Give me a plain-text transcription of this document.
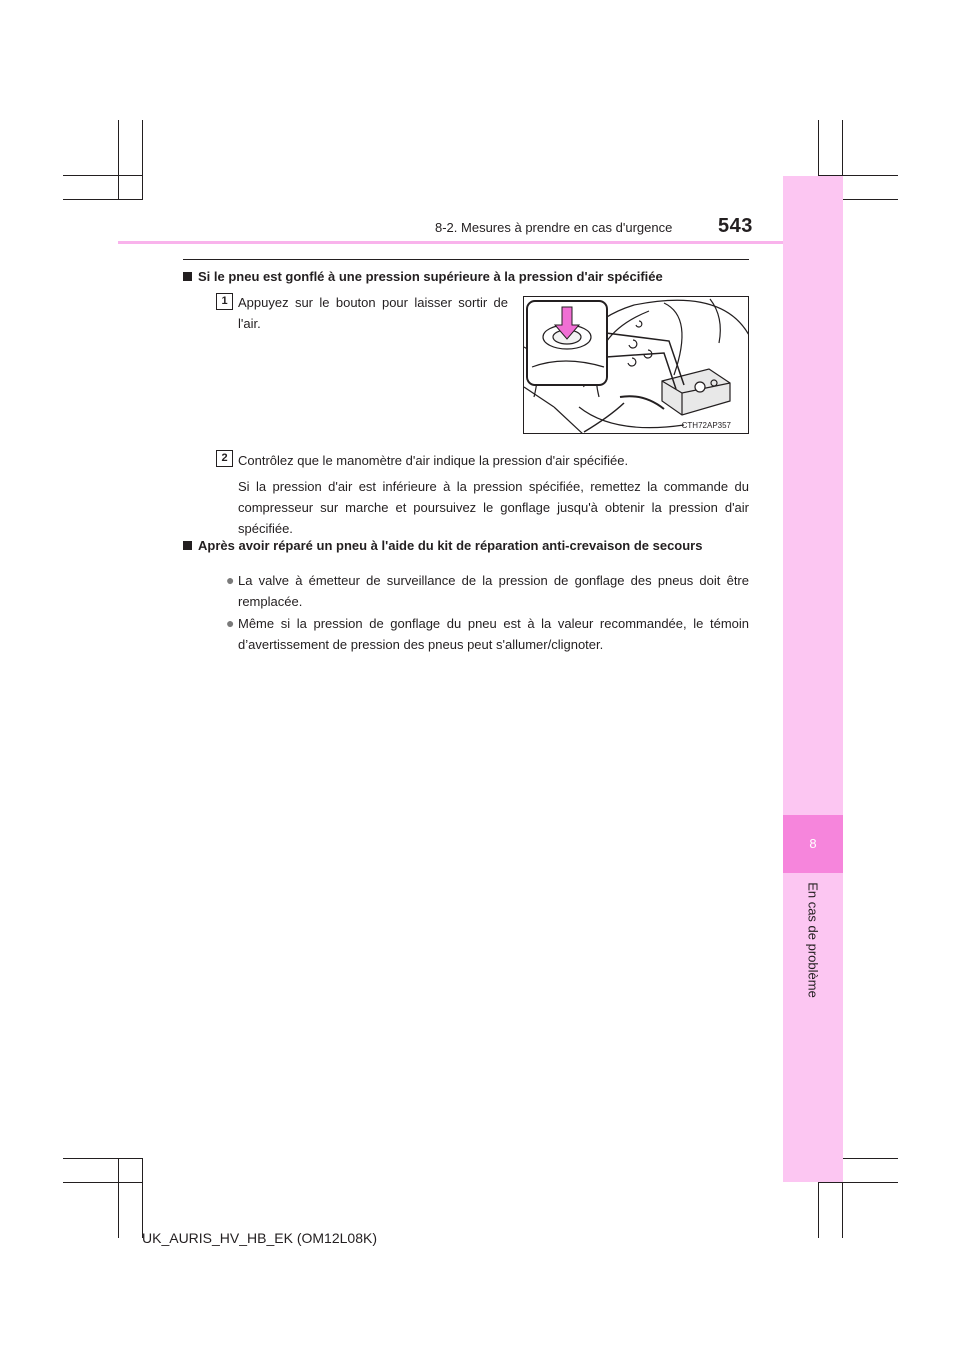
8
En cas de problème
8-2. Mesures à prendre en cas d'urgence 543
Si le pneu est gonflé à une pression supérieure à la pression d'air spécifiée
1 Appuyez sur le bouton pour laisser sortir de l'air.
CTH72AP357
2 Contrôlez que le manomètre d'air indique la pression d'air spécifiée.
Si la pression d'air est inférieure à la pression spécifiée, remettez la commande du compresseur sur marche et poursuivez le gonflage jusqu'à obtenir la pression d'air spécifiée.
Après avoir réparé un pneu à l'aide du kit de réparation anti-crevaison de secours
● La valve à émetteur de surveillance de la pression de gonflage des pneus doit être remplacée.
● Même si la pression de gonflage du pneu est à la valeur recommandée, le témoin d’avertissement de pression des pneus peut s'allumer/clignoter.
UK_AURIS_HV_HB_EK (OM12L08K)
